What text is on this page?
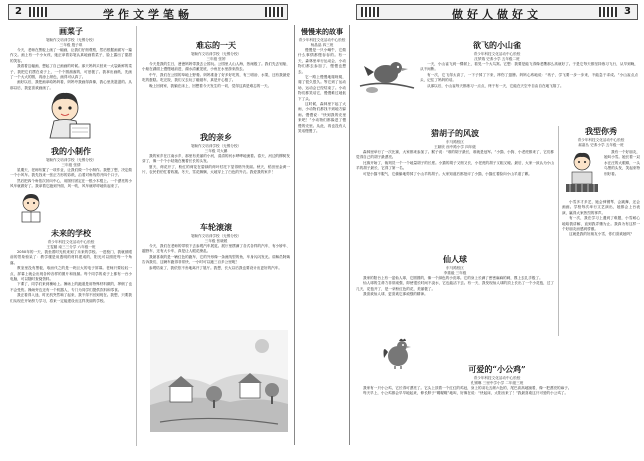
2	学作文学笔畅
画菜子
笔畅作文培训学校（无锡分校）
三年级 殷子琪

今天，老师在黑板上画了一幅画，让我们仔细观察，然后根据画面写一篇作文。画上有一个小女孩，她正拿着彩笔认真地画着菜子，脸上露出了甜甜的笑容。

我看着这幅画，想起了自己画画的时候。那天妈妈买回来一大袋新鲜的菜子，我把它们摆在桌子上，一个个圆溜溜的，可爱极了。我拿出画纸，先画了一个大大的圆，再涂上颜色，画得可认真了。

画好以后，我把画拿给妈妈看，妈妈夸我画得真像，我心里美滋滋的。从那以后，我更喜欢画画了。

我的小制作
笔畅作文培训学校（无锡分校）
三年级 张倩

星期天，老师布置了一项作业，让我们做一个小制作。我想了想，决定做一个小风车。我先找来一张正方形的彩纸，沿着对角线剪开四个口子。

然后把四个角依次折向中心，用图钉固定在一根小木棍上。一个漂亮的小风车就做好了。我拿着它跑到外面，风一吹，风车就呼呼地转起来了。

未来的学校
青少年科技文化活动中心松校
王雯璐 南三三分学 六年级一班

2050年的一天，我坐着时光机来到了未来的学校。一进校门，我就被眼前的景象惊呆了：教学楼是用透明的材料建成的，阳光可以照进每一个角落。

教室里没有黑板，取而代之的是一块巨大的电子屏幕。老师只要轻轻一点，屏幕上就会出现各种各样的图片和视频。每个同学的桌子上都有一台小电脑，可以随时查阅资料。

下课了，同学们来到操场上。操场上的跑道是用特殊材料做的，摔倒了也不会受伤。操场旁边还有一个机器人，专门为同学们提供饮料和零食。

我正看得入迷，时光机突然响了起来，我不得不回到现在。我想，只要我们从现在开始努力学习，将来一定能建设出这样美丽的学校。

难忘的一天
笔畅作文培训学校（无锡分校）
三年级 张婷

今天是我的生日，爸爸妈妈带我去公园玩。公园里人山人海，热闹极了。我们先去划船，小船在湖面上慢慢地前进，湖水清澈见底，小鱼在水里游来游去。

中午，我们在公园的草地上野餐。妈妈准备了好多好吃的，有三明治、水果，还有我最爱吃的蛋糕。吃完饭，我们又去玩了碰碰车，真是开心极了。

晚上回到家，我躺在床上，回想着今天发生的一切，觉得这真是难忘的一天。

我的亲乡
笔畅作文培训学校（无锡分校）
三年级 司大鹏

我的家乡在江南水乡，那里有美丽的小河，清清的河水哗哗地流着。春天，河边的柳树发芽了，像一个个小姑娘在梳着长长的头发。

夏天，荷花开了，粉红的荷花在碧绿的荷叶衬托下显得格外美丽。秋天，稻田里金黄一片，农民伯伯忙着收割。冬天，雪花飘飘，大地穿上了白色的外衣。我爱我的家乡！

车轮滚滚
笔畅作文培训学校（无锡分校）
三年级 张晓媛

今天，我们在老师的带领下去参观汽车展览。展厅里摆满了各式各样的汽车，有小轿车、越野车，还有大卡车，真是让人眼花缭乱。

我最喜欢的是一辆红色的跑车，它的外形像一条流线型的鱼，车身闪闪发光。讲解员阿姨告诉我们，这辆车跑得非常快，一小时可以跑三百多公里呢！

参观结束了，我依依不舍地离开了展厅。我想，长大以后我也要设计出更好的汽车。

慢慢来的故事
青少年科技文化活动中心松校
杨晶晶 四三班

慢慢是一只小蜗牛，它做什么事情都慢吞吞的。有一天，森林里举行运动会，小动物们都去参加了，慢慢也想去。

它一路上慢慢地爬呀爬，爬了很久很久。等它到了运动场，运动会已经结束了。小动物们都笑话它，慢慢难过地低下了头。

这时候，森林里下起了大雨，小动物们都找不到地方躲雨。慢慢说：“快到我的壳里来吧！”小动物们都躲进了慢慢的壳里。从此，再也没有人笑话慢慢了。

做好人做好文	3
欲飞的小山雀
青少年科技文化活动中心松校
沈梦瑞 史弗小学 五年级二班

一天，小山雀飞到一棵树上，看见一个大鸟窝。它想：我要是能飞得像老鹰那么高就好了。于是它每天都坚持练习飞行，从早到晚，从不间断。

有一次，它飞得太高了，一下子掉了下来，摔伤了翅膀。妈妈心疼地说：“孩子，学飞要一步一步来，不能急于求成。”小山雀点点头，记住了妈妈的话。

从那以后，小山雀每天都练习一点点，终于有一天，它能在天空中自由自在地飞翔了。

猎胡子的风波
东马路校区
王颖欣 西中路小学 四年级

森林里举行了一次比赛，大家都来参加了。猴子说：“谁的胡子最长，谁就是冠军。”小猫、小狗、小老虎都来了，它们都觉得自己的胡子最漂亮。

比赛开始了，裁判员一个一个地量胡子的长度。小猫的胡子又细又长，小老虎的胡子又粗又硬。最后，大家一致认为小山羊的胡子最长，它得了第一名。

可是小猫不服气，它偷偷地剪掉了小山羊的胡子。大家知道后都批评了小猫，小猫红着脸向小山羊道了歉。

仙人球
东马路校区
李重毅 三年级

我家的阳台上有一盆仙人球，它圆圆的，像一个绿色的小皮球。它的身上长满了密密麻麻的刺，摸上去扎手极了。

仙人球的生命力非常顽强，即使很长时间不浇水，它也能活下去。有一天，我发现仙人球的顶上长出了一个小花苞，过了几天，花苞开了，是一朵粉红色的花，美丽极了。

我喜欢仙人球，更喜欢它那顽强的精神。

我型你秀
青少年科技文化活动中心松校
郝嘉丛 史弗小学 五年级一班

我有一个好朋友，她叫小雪。她长着一双水汪汪的大眼睛，一头乌黑的头发，笑起来特别好看。

小雪多才多艺，她会弹钢琴、会跳舞，还会画画。学校每次举行文艺演出，她都会上台表演，赢得大家热烈的掌声。

有一次，我在学习上遇到了难题，小雪耐心地给我讲解，直到我弄懂为止。我真为有这样一个好朋友而感到骄傲。

这就是我的好朋友小雪，你们喜欢她吗？

可爱的“小公鸡”
青少年科技文化活动中心松校
孔锡琳 三里中学小学 二年级三班

我家有一只小公鸡，它长得可漂亮了。它头上顶着一个红红的鸡冠，身上的羽毛五颜六色的，尾巴高高地翘着，像一把漂亮的扇子。

每天早上，小公鸡都会早早地起来，伸长脖子“喔喔喔”地叫，好像在说：“快起床，太阳出来了！”我最喜欢这只可爱的小公鸡了。
